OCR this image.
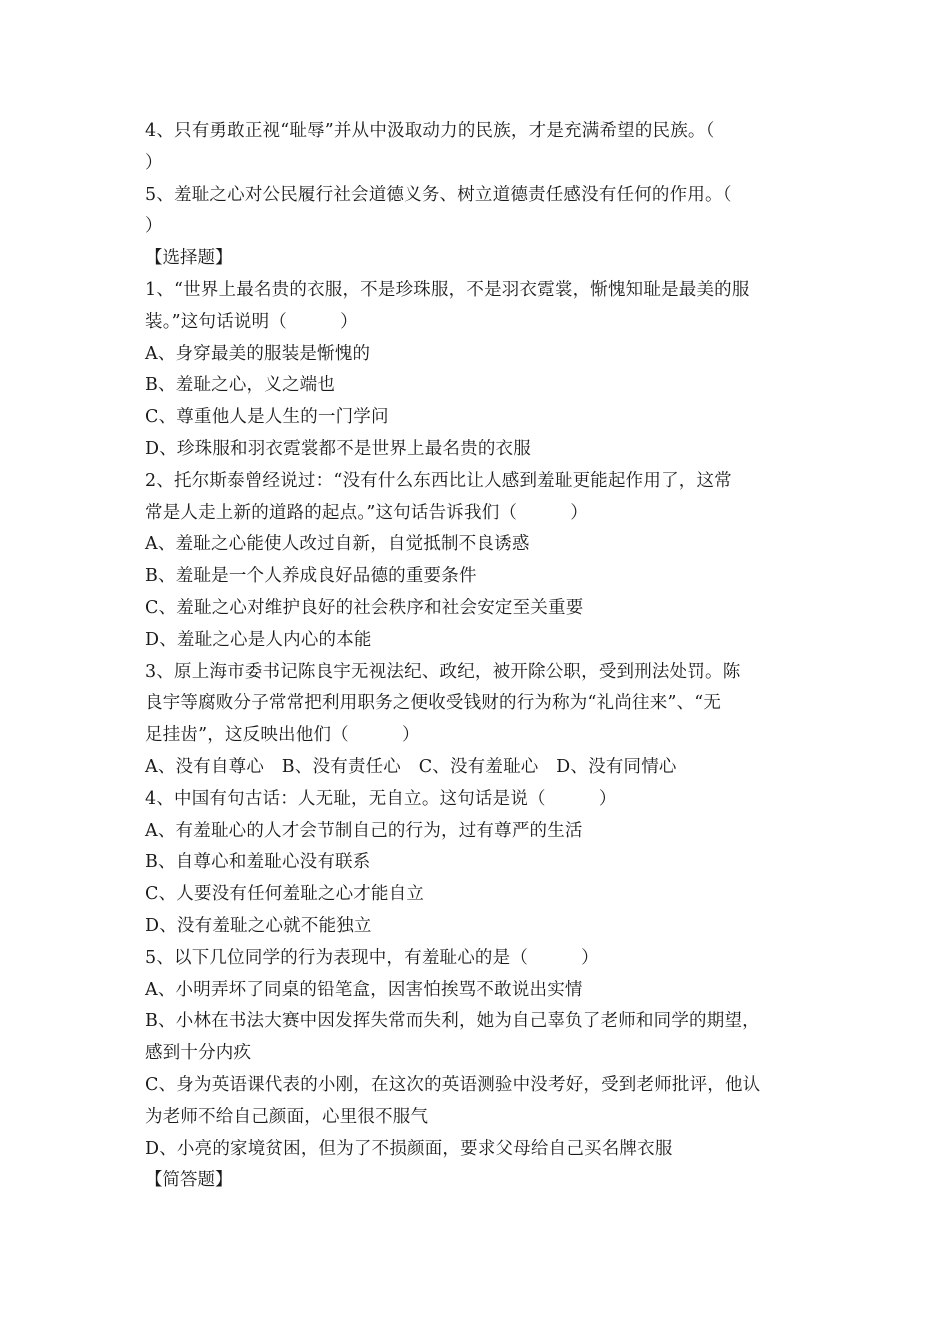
4、只有勇敢正视“耻辱”并从中汲取动力的民族，才是充满希望的民族。（
）
5、羞耻之心对公民履行社会道德义务、树立道德责任感没有任何的作用。（
）
【选择题】
1、“世界上最名贵的衣服，不是珍珠服，不是羽衣霓裳，惭愧知耻是最美的服
装。”这句话说明（　　　）
A、身穿最美的服装是惭愧的
B、羞耻之心，义之端也
C、尊重他人是人生的一门学问
D、珍珠服和羽衣霓裳都不是世界上最名贵的衣服
2、托尔斯泰曾经说过：“没有什么东西比让人感到羞耻更能起作用了，这常
常是人走上新的道路的起点。”这句话告诉我们（　　　）
A、羞耻之心能使人改过自新，自觉抵制不良诱惑
B、羞耻是一个人养成良好品德的重要条件
C、羞耻之心对维护良好的社会秩序和社会安定至关重要
D、羞耻之心是人内心的本能
3、原上海市委书记陈良宇无视法纪、政纪，被开除公职，受到刑法处罚。陈
良宇等腐败分子常常把利用职务之便收受钱财的行为称为“礼尚往来”、“无
足挂齿”，这反映出他们（　　　）
A、没有自尊心　B、没有责任心　C、没有羞耻心　D、没有同情心
4、中国有句古话：人无耻，无自立。这句话是说（　　　）
A、有羞耻心的人才会节制自己的行为，过有尊严的生活
B、自尊心和羞耻心没有联系
C、人要没有任何羞耻之心才能自立
D、没有羞耻之心就不能独立
5、以下几位同学的行为表现中，有羞耻心的是（　　　）
A、小明弄坏了同桌的铅笔盒，因害怕挨骂不敢说出实情
B、小林在书法大赛中因发挥失常而失利，她为自己辜负了老师和同学的期望，
感到十分内疚
C、身为英语课代表的小刚，在这次的英语测验中没考好，受到老师批评，他认
为老师不给自己颜面，心里很不服气
D、小亮的家境贫困，但为了不损颜面，要求父母给自己买名牌衣服
【简答题】
